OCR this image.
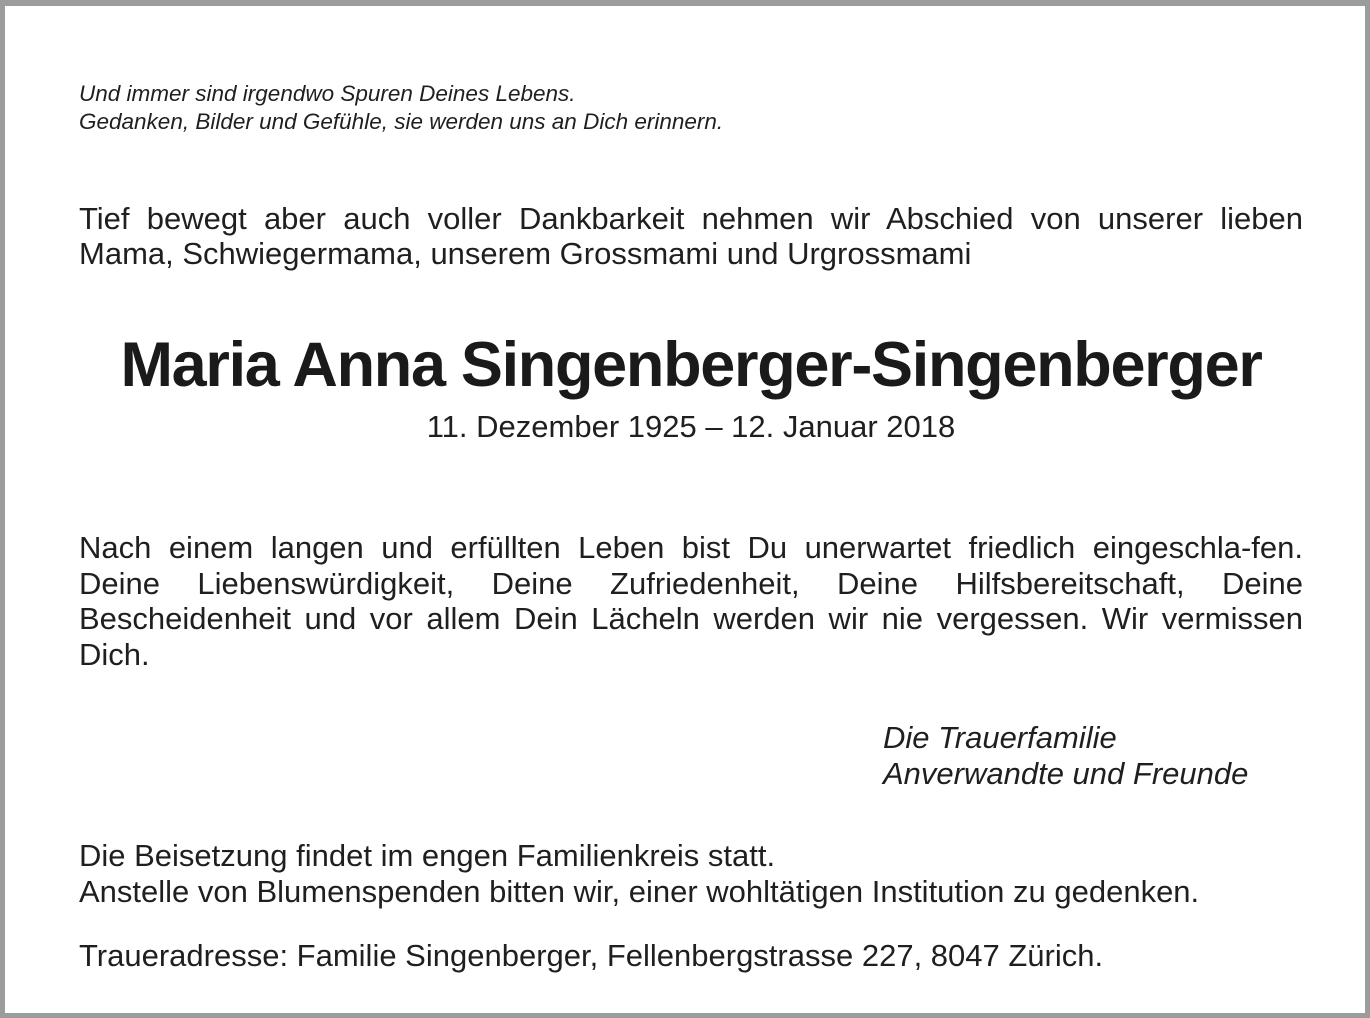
Und immer sind irgendwo Spuren Deines Lebens.
Gedanken, Bilder und Gefühle, sie werden uns an Dich erinnern.
Tief bewegt aber auch voller Dankbarkeit nehmen wir Abschied von unserer lieben Mama, Schwiegermama, unserem Grossmami und Urgrossmami
Maria Anna Singenberger-Singenberger
11. Dezember 1925 – 12. Januar 2018
Nach einem langen und erfüllten Leben bist Du unerwartet friedlich eingeschla-fen. Deine Liebenswürdigkeit, Deine Zufriedenheit, Deine Hilfsbereitschaft, Deine Bescheidenheit und vor allem Dein Lächeln werden wir nie vergessen. Wir vermissen Dich.
Die Trauerfamilie
Anverwandte und Freunde
Die Beisetzung findet im engen Familienkreis statt.
Anstelle von Blumenspenden bitten wir, einer wohltätigen Institution zu gedenken.
Traueradresse: Familie Singenberger, Fellenbergstrasse 227, 8047 Zürich.
